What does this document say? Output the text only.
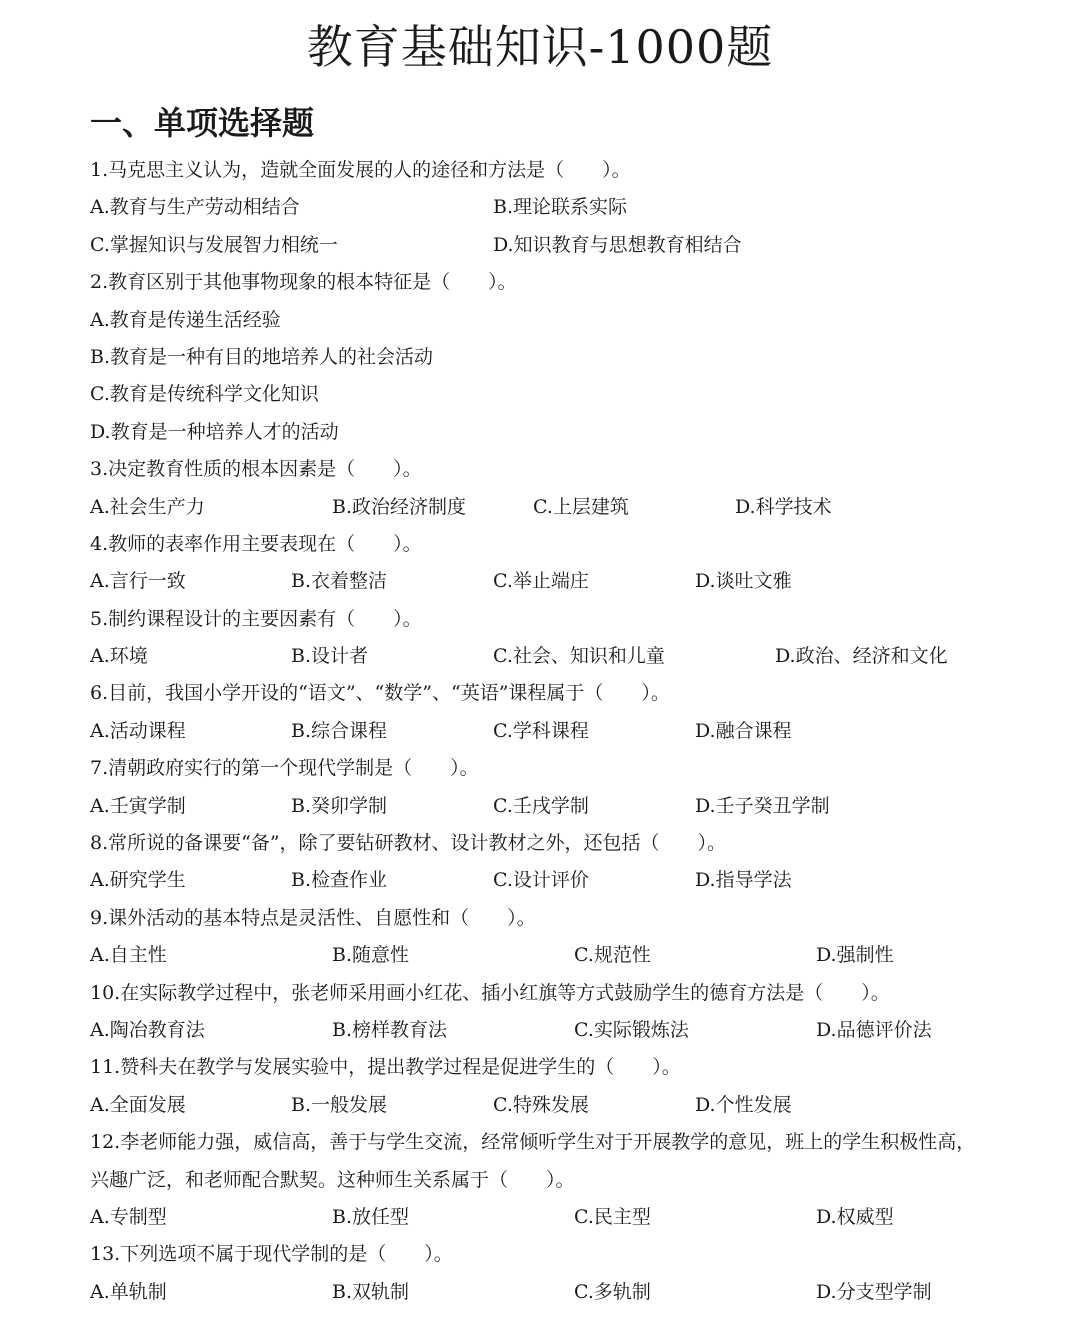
教育基础知识-1000题
一、单项选择题
1.马克思主义认为，造就全面发展的人的途径和方法是（　　）。
A.教育与生产劳动相结合	B.理论联系实际
C.掌握知识与发展智力相统一	D.知识教育与思想教育相结合
2.教育区别于其他事物现象的根本特征是（　　）。
A.教育是传递生活经验
B.教育是一种有目的地培养人的社会活动
C.教育是传统科学文化知识
D.教育是一种培养人才的活动
3.决定教育性质的根本因素是（　　）。
A.社会生产力	B.政治经济制度	C.上层建筑	D.科学技术
4.教师的表率作用主要表现在（　　）。
A.言行一致	B.衣着整洁	C.举止端庄	D.谈吐文雅
5.制约课程设计的主要因素有（　　）。
A.环境	B.设计者	C.社会、知识和儿童	D.政治、经济和文化
6.目前，我国小学开设的“语文”、“数学”、“英语”课程属于（　　）。
A.活动课程	B.综合课程	C.学科课程	D.融合课程
7.清朝政府实行的第一个现代学制是（　　）。
A.壬寅学制	B.癸卯学制	C.壬戌学制	D.壬子癸丑学制
8.常所说的备课要“备”，除了要钻研教材、设计教材之外，还包括（　　）。
A.研究学生	B.检查作业	C.设计评价	D.指导学法
9.课外活动的基本特点是灵活性、自愿性和（　　）。
A.自主性	B.随意性	C.规范性	D.强制性
10.在实际教学过程中，张老师采用画小红花、插小红旗等方式鼓励学生的德育方法是（　　）。
A.陶冶教育法	B.榜样教育法	C.实际锻炼法	D.品德评价法
11.赞科夫在教学与发展实验中，提出教学过程是促进学生的（　　）。
A.全面发展	B.一般发展	C.特殊发展	D.个性发展
12.李老师能力强，威信高，善于与学生交流，经常倾听学生对于开展教学的意见，班上的学生积极性高，
兴趣广泛，和老师配合默契。这种师生关系属于（　　）。
A.专制型	B.放任型	C.民主型	D.权威型
13.下列选项不属于现代学制的是（　　）。
A.单轨制	B.双轨制	C.多轨制	D.分支型学制
